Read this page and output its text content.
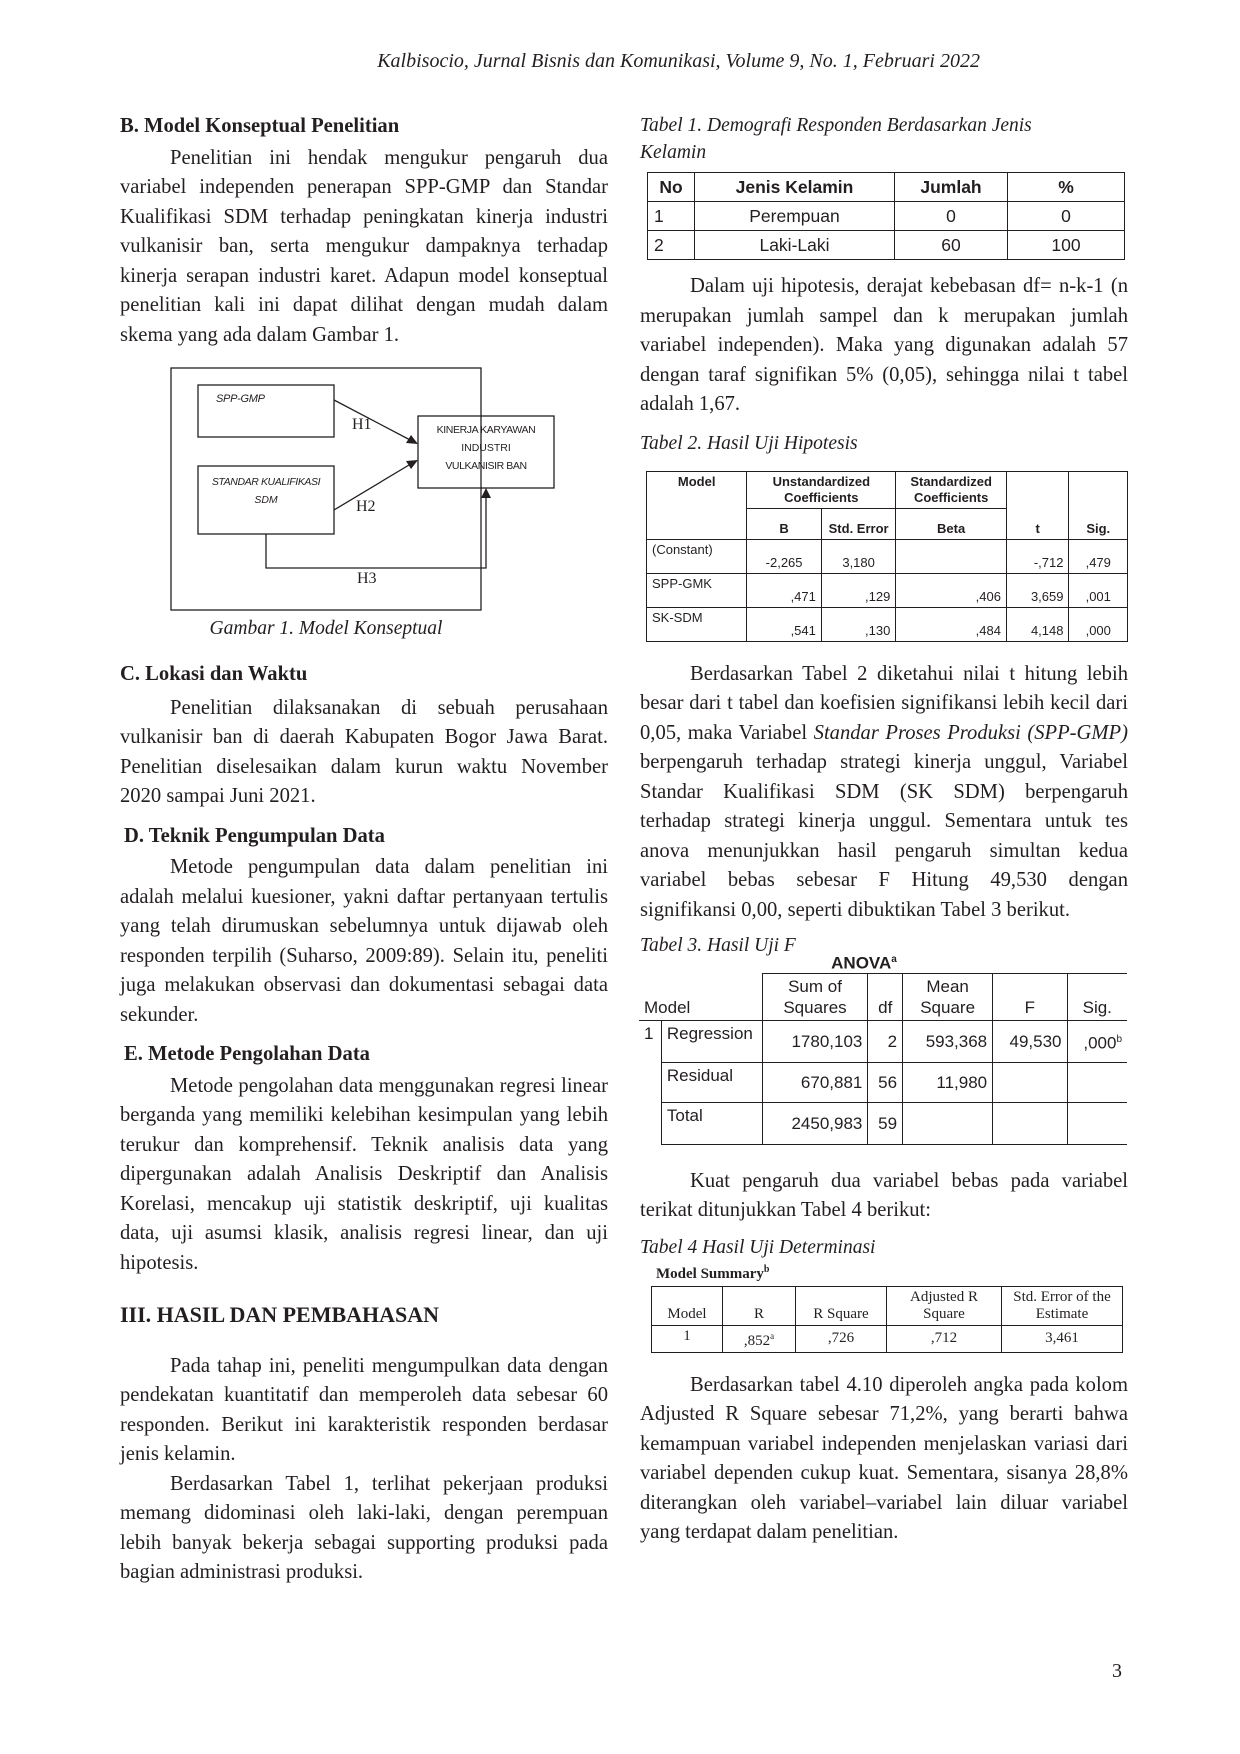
Kalbisocio, Jurnal Bisnis dan Komunikasi, Volume 9, No. 1, Februari 2022
B. Model Konseptual Penelitian

Penelitian ini hendak mengukur pengaruh dua variabel independen penerapan SPP-GMP dan Standar Kualifikasi SDM terhadap peningkatan kinerja industri vulkanisir ban, serta mengukur dampaknya terhadap kinerja serapan industri karet. Adapun model konseptual penelitian kali ini dapat dilihat dengan mudah dalam skema yang ada dalam Gambar 1.

SPP-GMP
STANDAR KUALIFIKASI
SDM
KINERJA KARYAWAN
INDUSTRI
VULKANISIR BAN
H1
H2
H3
Gambar 1. Model Konseptual
C. Lokasi dan Waktu

Penelitian dilaksanakan di sebuah perusahaan vulkanisir ban di daerah Kabupaten Bogor Jawa Barat. Penelitian diselesaikan dalam kurun waktu November 2020 sampai Juni 2021.

D. Teknik Pengumpulan Data

Metode pengumpulan data dalam penelitian ini adalah melalui kuesioner, yakni daftar pertanyaan tertulis yang telah dirumuskan sebelumnya untuk dijawab oleh responden terpilih (Suharso, 2009:89). Selain itu, peneliti juga melakukan observasi dan dokumentasi sebagai data sekunder.

E. Metode Pengolahan Data

Metode pengolahan data menggunakan regresi linear berganda yang memiliki kelebihan kesimpulan yang lebih terukur dan komprehensif. Teknik analisis data yang dipergunakan adalah Analisis Deskriptif dan Analisis Korelasi, mencakup uji statistik deskriptif, uji kualitas data, uji asumsi klasik, analisis regresi linear, dan uji hipotesis.

III. HASIL DAN PEMBAHASAN

Pada tahap ini, peneliti mengumpulkan data dengan pendekatan kuantitatif dan memperoleh data sebesar 60 responden. Berikut ini karakteristik responden berdasar jenis kelamin.

Berdasarkan Tabel 1, terlihat pekerjaan produksi memang didominasi oleh laki-laki, dengan perempuan lebih banyak bekerja sebagai supporting produksi pada bagian administrasi produksi.

Tabel 1. Demografi Responden Berdasarkan Jenis Kelamin
No	Jenis Kelamin	Jumlah	%
1	Perempuan	0	0
2	Laki-Laki	60	100

Dalam uji hipotesis, derajat kebebasan df= n-k-1 (n merupakan jumlah sampel dan k merupakan jumlah variabel independen). Maka yang digunakan adalah 57 dengan taraf signifikan 5% (0,05), sehingga nilai t tabel adalah 1,67.

Tabel 2. Hasil Uji Hipotesis
Model	Unstandardized Coefficients		Standardized Coefficients	t	Sig.
	B	Std. Error	Beta		
(Constant)	-2,265	3,180		-,712	,479
SPP-GMK	,471	,129	,406	3,659	,001
SK-SDM	,541	,130	,484	4,148	,000

Berdasarkan Tabel 2 diketahui nilai t hitung lebih besar dari t tabel dan koefisien signifikansi lebih kecil dari 0,05, maka Variabel Standar Proses Produksi (SPP-GMP) berpengaruh terhadap strategi kinerja unggul, Variabel Standar Kualifikasi SDM (SK SDM) berpengaruh terhadap strategi kinerja unggul. Sementara untuk tes anova menunjukkan hasil pengaruh simultan kedua variabel bebas sebesar F Hitung 49,530 dengan signifikansi 0,00, seperti dibuktikan Tabel 3 berikut.

Tabel 3. Hasil Uji F
ANOVA$^a$
Model		Sum of Squares	df	Mean Square	F	Sig.
1	Regression	1780,103	2	593,368	49,530	,000$^b$
	Residual	670,881	56	11,980		
	Total	2450,983	59			

Kuat pengaruh dua variabel bebas pada variabel terikat ditunjukkan Tabel 4 berikut:

Tabel 4 Hasil Uji Determinasi
Model Summary$^b$
Model	R	R Square	Adjusted R Square	Std. Error of the Estimate
1	,852$^a$	,726	,712	3,461

Berdasarkan tabel 4.10 diperoleh angka pada kolom Adjusted R Square sebesar 71,2%, yang berarti bahwa kemampuan variabel independen menjelaskan variasi dari variabel dependen cukup kuat. Sementara, sisanya 28,8% diterangkan oleh variabel–variabel lain diluar variabel yang terdapat dalam penelitian.

3
